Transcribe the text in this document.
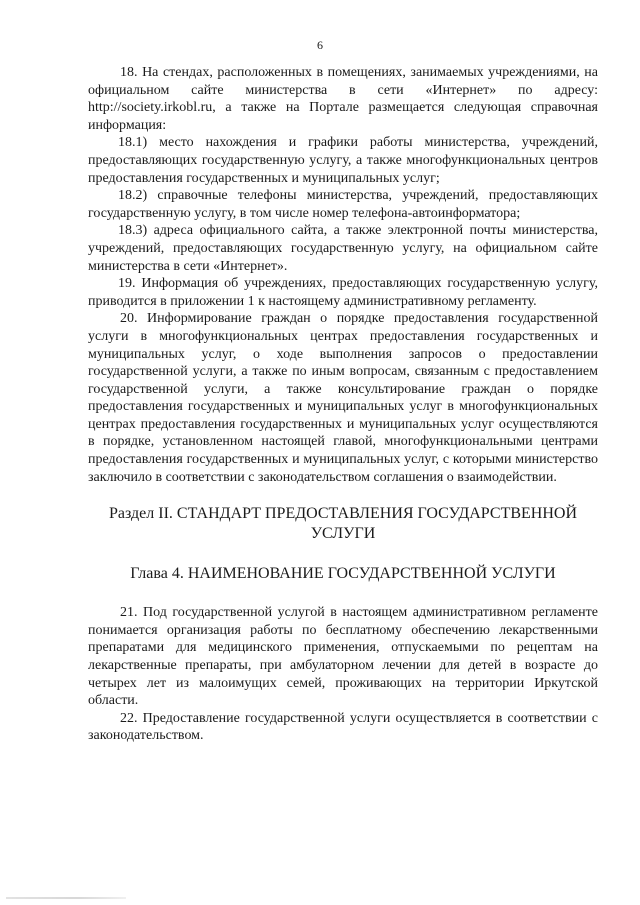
6

18. На стендах, расположенных в помещениях, занимаемых учреждениями, на официальном сайте министерства в сети «Интернет» по адресу: http://society.irkobl.ru, а также на Портале размещается следующая справочная информация:

18.1) место нахождения и графики работы министерства, учреждений, предоставляющих государственную услугу, а также многофункциональных центров предоставления государственных и муниципальных услуг;

18.2) справочные телефоны министерства, учреждений, предоставляющих государственную услугу, в том числе номер телефона-автоинформатора;

18.3) адреса официального сайта, а также электронной почты министерства, учреждений, предоставляющих государственную услугу, на официальном сайте министерства в сети «Интернет».

19. Информация об учреждениях, предоставляющих государственную услугу, приводится в приложении 1 к настоящему административному регламенту.

20. Информирование граждан о порядке предоставления государственной услуги в многофункциональных центрах предоставления государственных и муниципальных услуг, о ходе выполнения запросов о предоставлении государственной услуги, а также по иным вопросам, связанным с предоставлением государственной услуги, а также консультирование граждан о порядке предоставления государственных и муниципальных услуг в многофункциональных центрах предоставления государственных и муниципальных услуг осуществляются в порядке, установленном настоящей главой, многофункциональными центрами предоставления государственных и муниципальных услуг, с которыми министерство заключило в соответствии с законодательством соглашения о взаимодействии.

Раздел II. СТАНДАРТ ПРЕДОСТАВЛЕНИЯ ГОСУДАРСТВЕННОЙ УСЛУГИ

Глава 4. НАИМЕНОВАНИЕ ГОСУДАРСТВЕННОЙ УСЛУГИ

21. Под государственной услугой в настоящем административном регламенте понимается организация работы по бесплатному обеспечению лекарственными препаратами для медицинского применения, отпускаемыми по рецептам на лекарственные препараты, при амбулаторном лечении для детей в возрасте до четырех лет из малоимущих семей, проживающих на территории Иркутской области.

22. Предоставление государственной услуги осуществляется в соответствии с законодательством.
